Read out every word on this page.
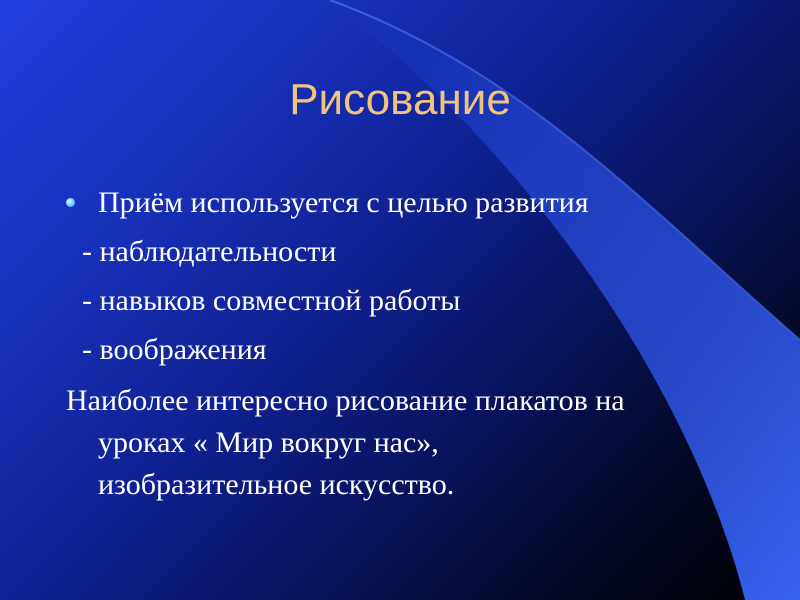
Рисование
Приём используется с целью развития
- наблюдательности
- навыков совместной работы
- воображения
Наиболее интересно рисование плакатов на
уроках « Мир вокруг нас»,
изобразительное искусство.
